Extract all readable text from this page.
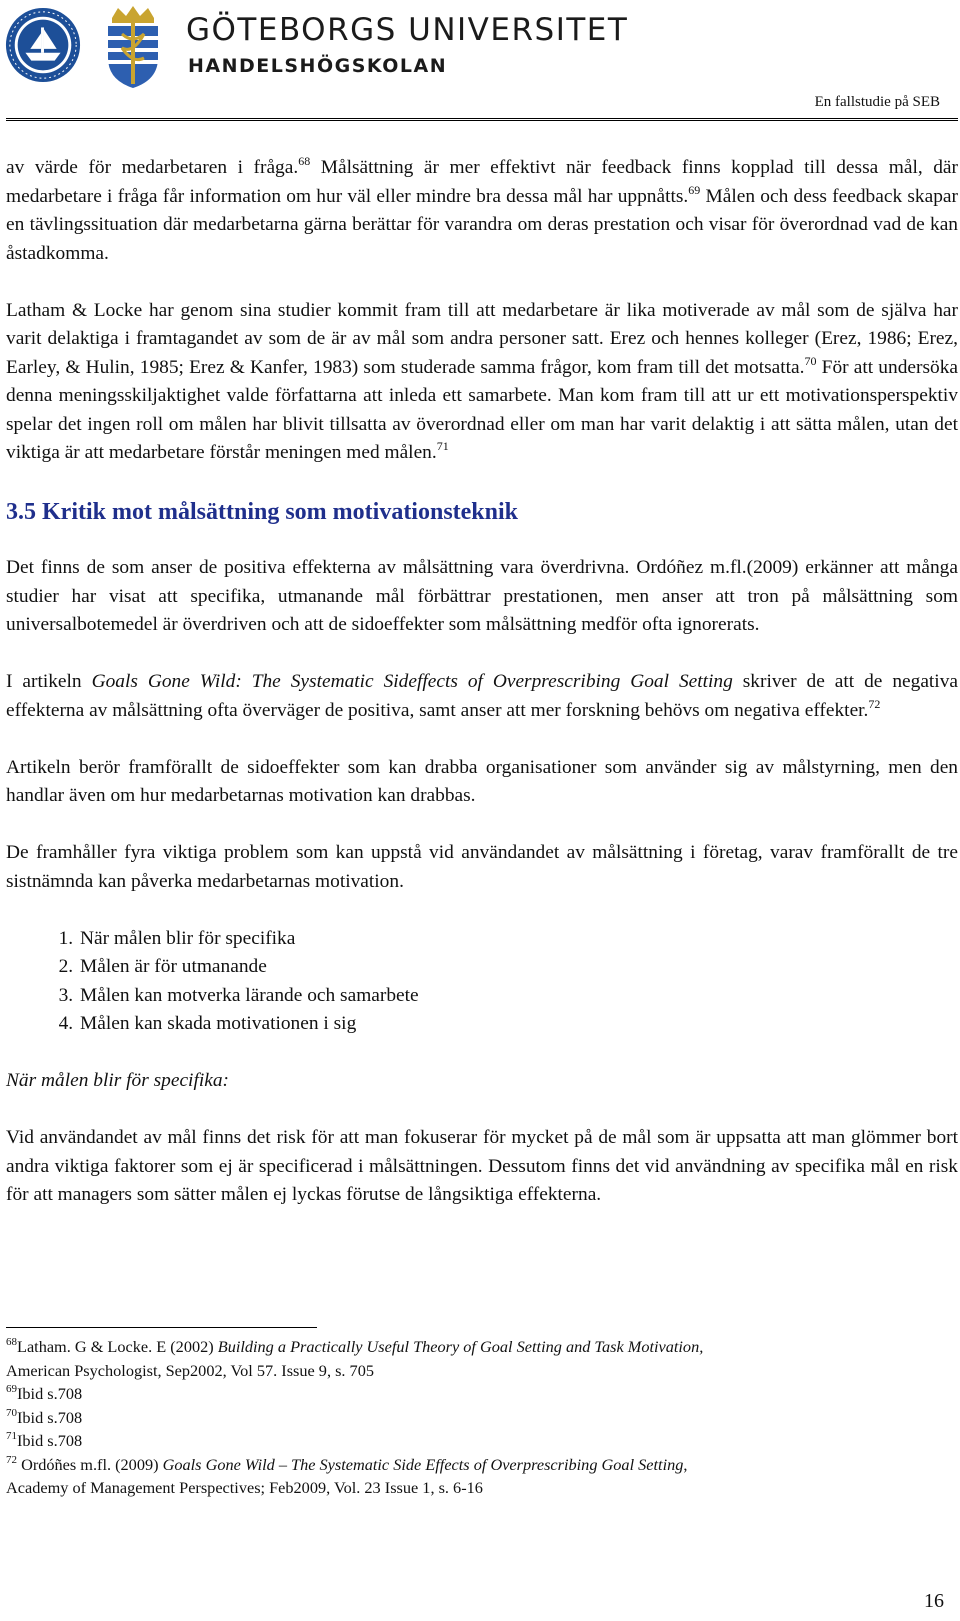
GÖTEBORGS UNIVERSITET
HANDELSHÖGSKOLAN
En fallstudie på SEB

av värde för medarbetaren i fråga.$^{68}$ Målsättning är mer effektivt när feedback finns kopplad till dessa mål, där medarbetare i fråga får information om hur väl eller mindre bra dessa mål har uppnåtts.$^{69}$ Målen och dess feedback skapar en tävlingssituation där medarbetarna gärna berättar för varandra om deras prestation och visar för överordnad vad de kan åstadkomma.

Latham & Locke har genom sina studier kommit fram till att medarbetare är lika motiverade av mål som de själva har varit delaktiga i framtagandet av som de är av mål som andra personer satt. Erez och hennes kolleger (Erez, 1986; Erez, Earley, & Hulin, 1985; Erez & Kanfer, 1983) som studerade samma frågor, kom fram till det motsatta.$^{70}$ För att undersöka denna meningsskiljaktighet valde författarna att inleda ett samarbete. Man kom fram till att ur ett motivationsperspektiv spelar det ingen roll om målen har blivit tillsatta av överordnad eller om man har varit delaktig i att sätta målen, utan det viktiga är att medarbetare förstår meningen med målen.$^{71}$

3.5 Kritik mot målsättning som motivationsteknik

Det finns de som anser de positiva effekterna av målsättning vara överdrivna. Ordóñez m.fl.(2009) erkänner att många studier har visat att specifika, utmanande mål förbättrar prestationen, men anser att tron på målsättning som universalbotemedel är överdriven och att de sidoeffekter som målsättning medför ofta ignorerats.

I artikeln Goals Gone Wild: The Systematic Sideffects of Overprescribing Goal Setting skriver de att de negativa effekterna av målsättning ofta överväger de positiva, samt anser att mer forskning behövs om negativa effekter.$^{72}$

Artikeln berör framförallt de sidoeffekter som kan drabba organisationer som använder sig av målstyrning, men den handlar även om hur medarbetarnas motivation kan drabbas.

De framhåller fyra viktiga problem som kan uppstå vid användandet av målsättning i företag, varav framförallt de tre sistnämnda kan påverka medarbetarnas motivation.

1. När målen blir för specifika
2. Målen är för utmanande
3. Målen kan motverka lärande och samarbete
4. Målen kan skada motivationen i sig

När målen blir för specifika:

Vid användandet av mål finns det risk för att man fokuserar för mycket på de mål som är uppsatta att man glömmer bort andra viktiga faktorer som ej är specificerad i målsättningen. Dessutom finns det vid användning av specifika mål en risk för att managers som sätter målen ej lyckas förutse de långsiktiga effekterna.

$^{68}$Latham. G & Locke. E (2002) Building a Practically Useful Theory of Goal Setting and Task Motivation,
American Psychologist, Sep2002, Vol 57. Issue 9, s. 705

$^{69}$Ibid s.708

$^{70}$Ibid s.708

$^{71}$Ibid s.708

$^{72}$ Ordóñes m.fl. (2009) Goals Gone Wild – The Systematic Side Effects of Overprescribing Goal Setting,
Academy of Management Perspectives; Feb2009, Vol. 23 Issue 1, s. 6-16

16
